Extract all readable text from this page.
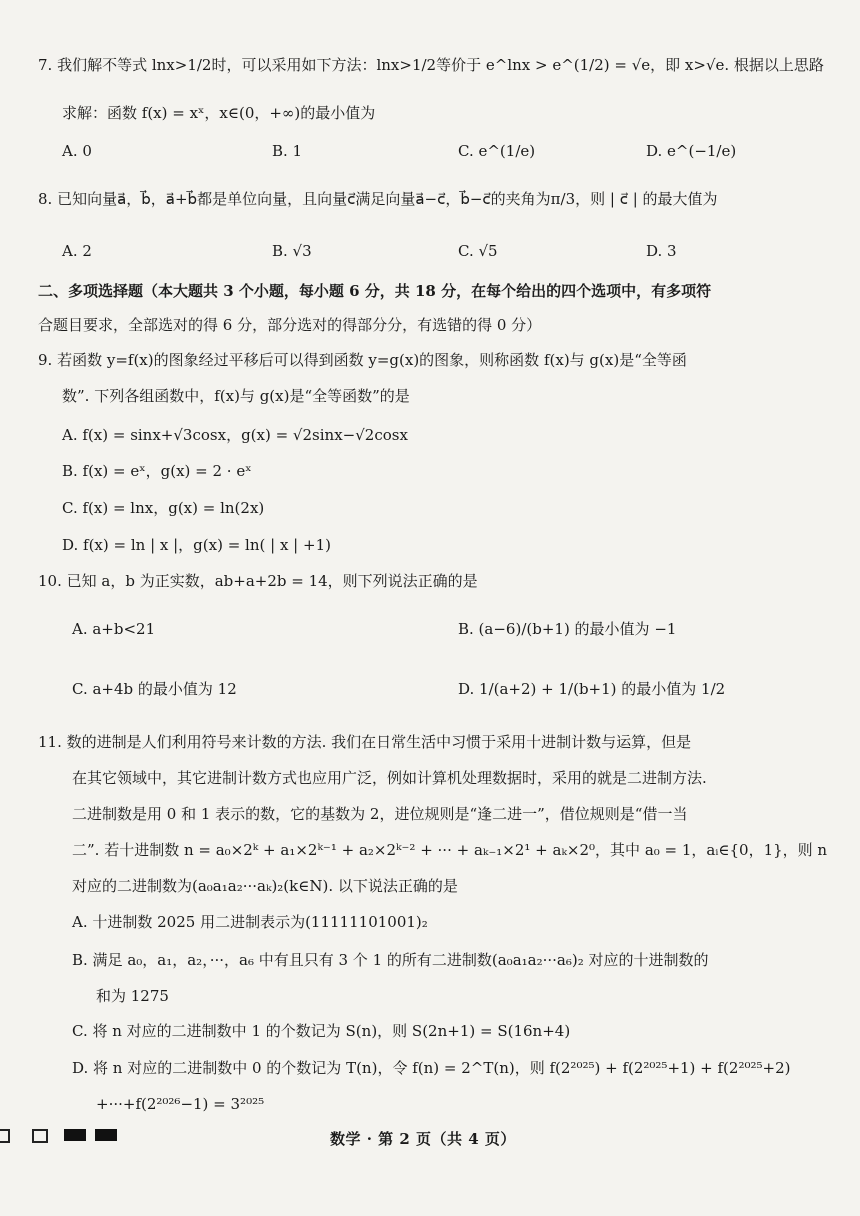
7. 我们解不等式 lnx>1/2时，可以采用如下方法：lnx>1/2等价于 e^lnx > e^(1/2) = √e，即 x>√e. 根据以上思路
求解：函数 f(x) = xˣ，x∈(0，+∞)的最小值为
A. 0	B. 1	C. e^(1/e)	D. e^(−1/e)
8. 已知向量a⃗，b⃗，a⃗+b⃗都是单位向量，且向量c⃗满足向量a⃗−c⃗，b⃗−c⃗的夹角为π/3，则 | c⃗ | 的最大值为
A. 2	B. √3	C. √5	D. 3
二、多项选择题（本大题共 3 个小题，每小题 6 分，共 18 分，在每个给出的四个选项中，有多项符
合题目要求，全部选对的得 6 分，部分选对的得部分分，有选错的得 0 分）
9. 若函数 y=f(x)的图象经过平移后可以得到函数 y=g(x)的图象，则称函数 f(x)与 g(x)是“全等函
数”. 下列各组函数中，f(x)与 g(x)是“全等函数”的是
A. f(x) = sinx+√3cosx，g(x) = √2sinx−√2cosx
B. f(x) = eˣ，g(x) = 2 · eˣ
C. f(x) = lnx，g(x) = ln(2x)
D. f(x) = ln | x |，g(x) = ln( | x | +1)
10. 已知 a，b 为正实数，ab+a+2b = 14，则下列说法正确的是
A. a+b<21	B. (a−6)/(b+1) 的最小值为 −1
C. a+4b 的最小值为 12	D. 1/(a+2) + 1/(b+1) 的最小值为 1/2
11. 数的进制是人们利用符号来计数的方法. 我们在日常生活中习惯于采用十进制计数与运算，但是
在其它领域中，其它进制计数方式也应用广泛，例如计算机处理数据时，采用的就是二进制方法.
二进制数是用 0 和 1 表示的数，它的基数为 2，进位规则是“逢二进一”，借位规则是“借一当
二”. 若十进制数 n = a₀×2ᵏ + a₁×2ᵏ⁻¹ + a₂×2ᵏ⁻² + ··· + aₖ₋₁×2¹ + aₖ×2⁰，其中 a₀ = 1，aᵢ∈{0，1}，则 n
对应的二进制数为(a₀a₁a₂···aₖ)₂(k∈N). 以下说法正确的是
A. 十进制数 2025 用二进制表示为(11111101001)₂
B. 满足 a₀，a₁，a₂，···，a₆ 中有且只有 3 个 1 的所有二进制数(a₀a₁a₂···a₆)₂ 对应的十进制数的
和为 1275
C. 将 n 对应的二进制数中 1 的个数记为 S(n)，则 S(2n+1) = S(16n+4)
D. 将 n 对应的二进制数中 0 的个数记为 T(n)，令 f(n) = 2^T(n)，则 f(2²⁰²⁵) + f(2²⁰²⁵+1) + f(2²⁰²⁵+2)
+···+f(2²⁰²⁶−1) = 3²⁰²⁵
数学 · 第 2 页（共 4 页）
